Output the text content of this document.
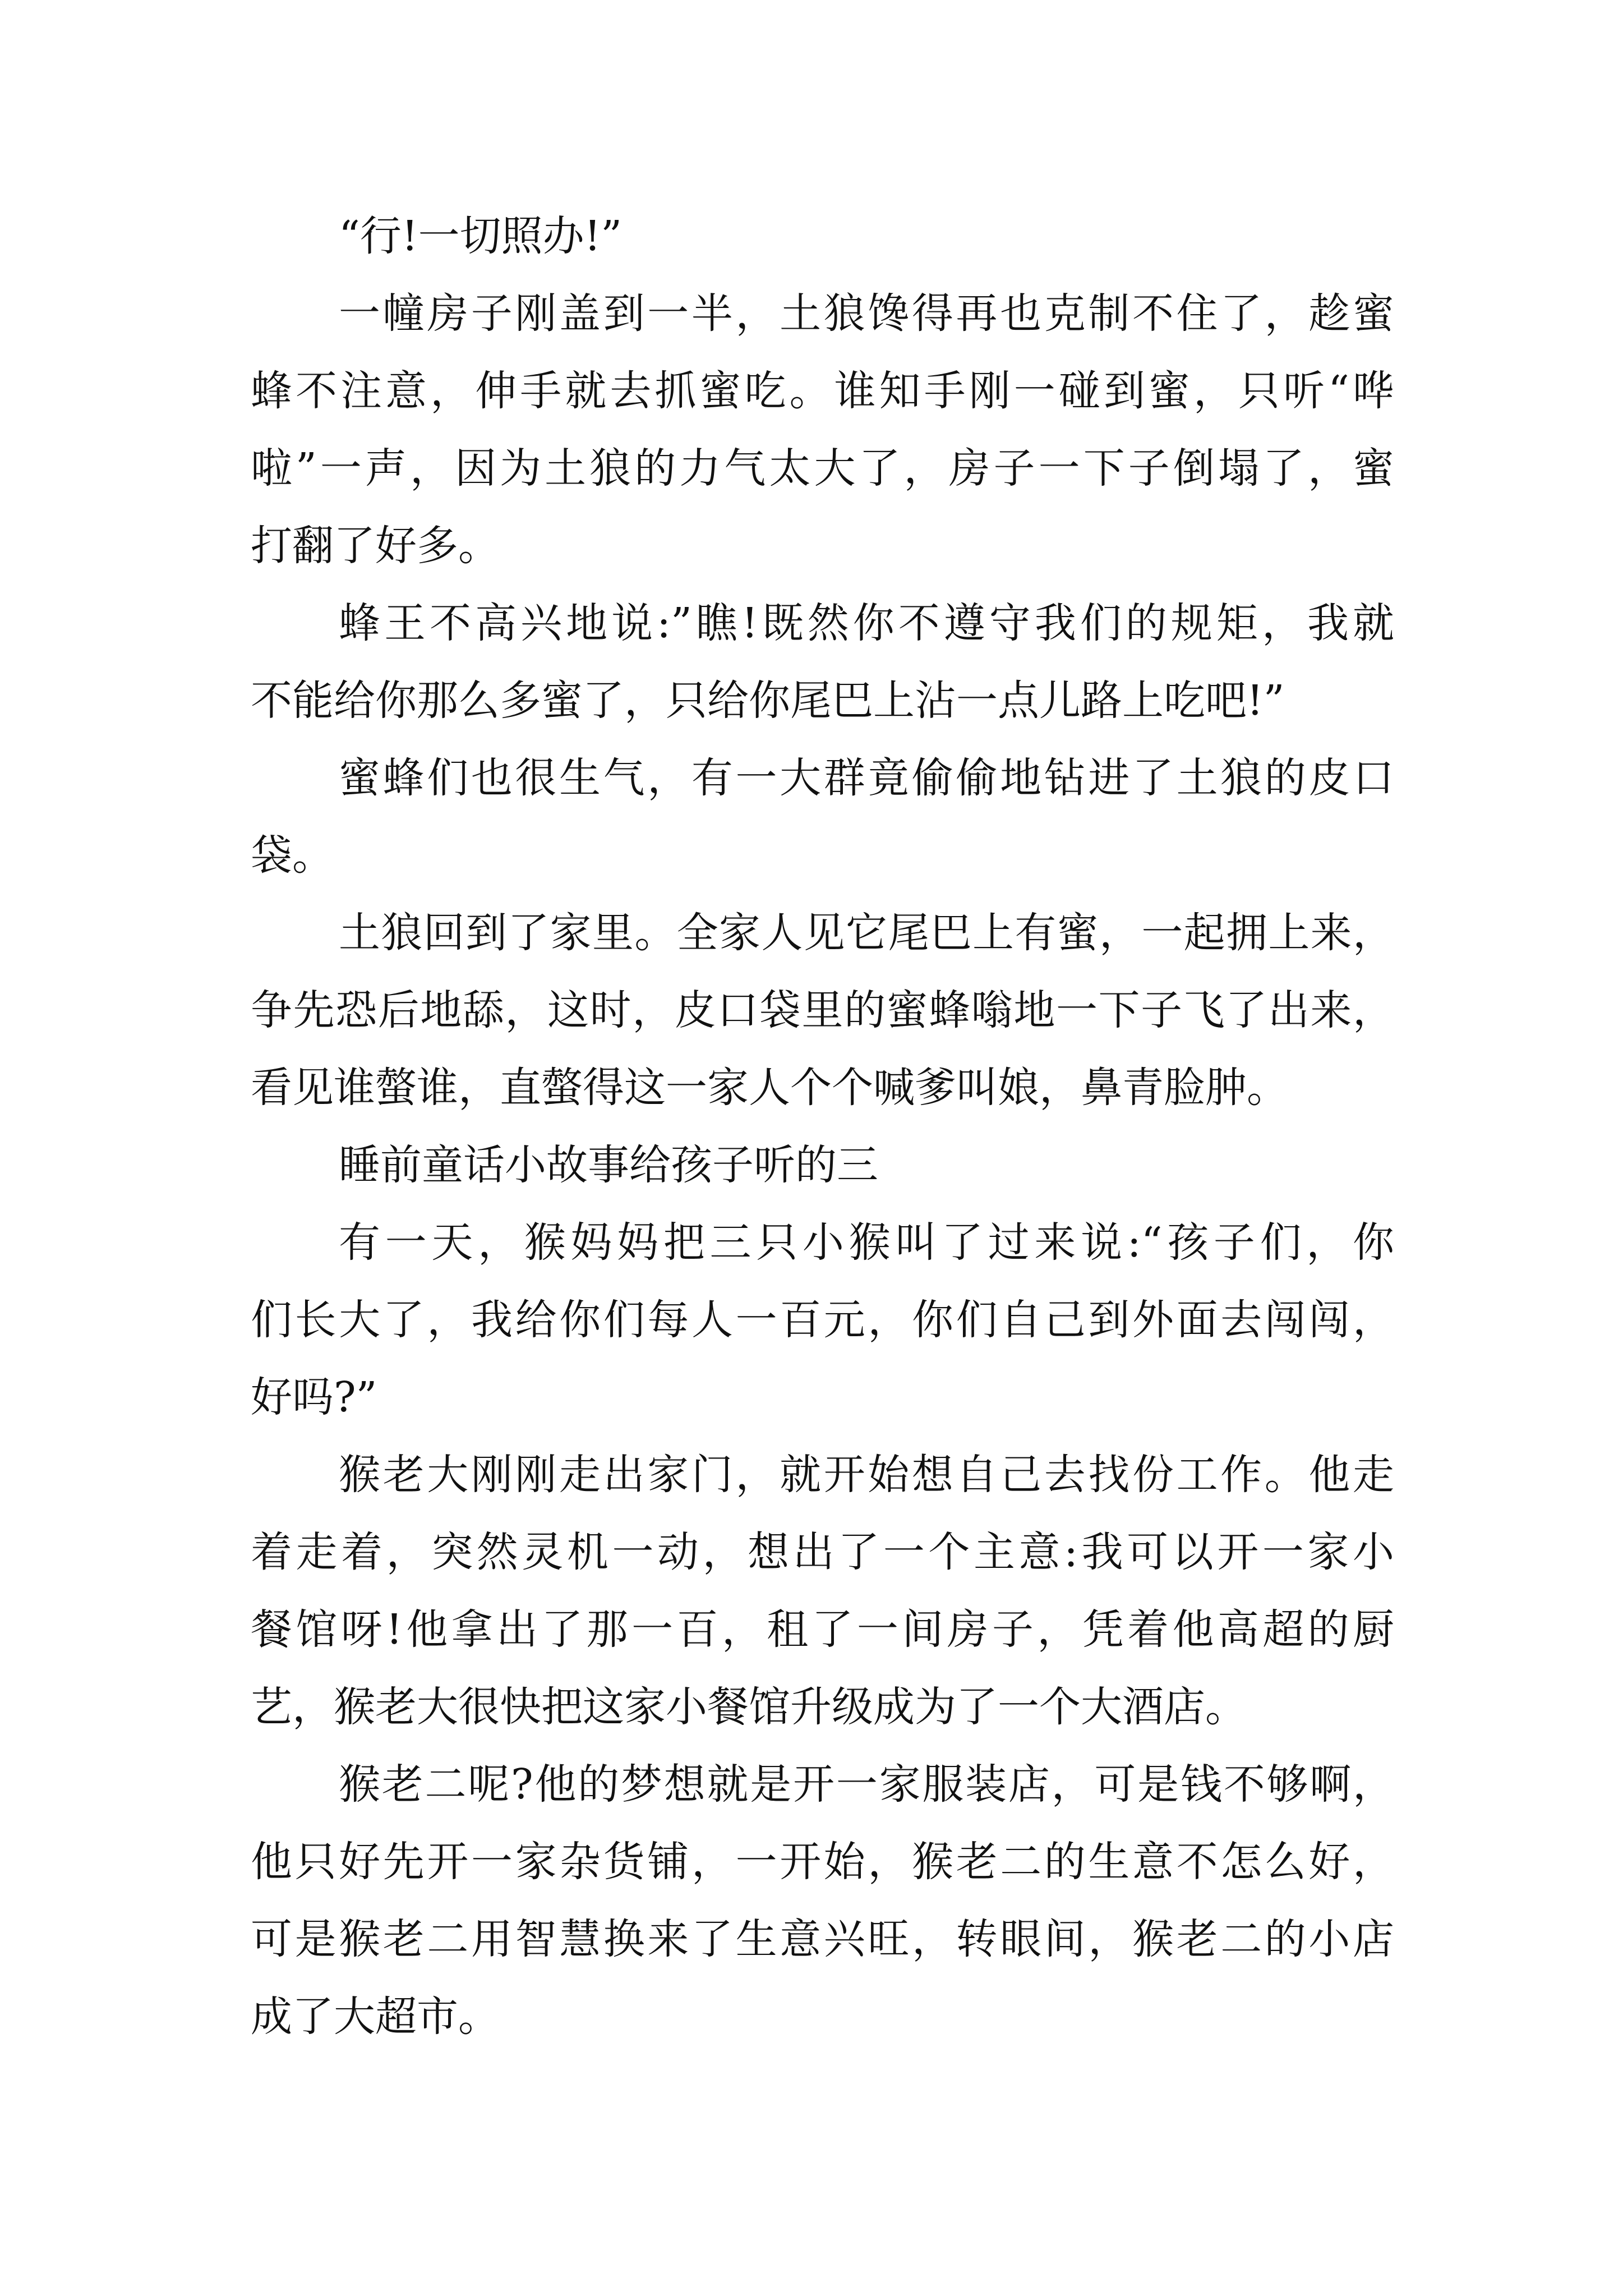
“行!一切照办!”
一幢房子刚盖到一半，土狼馋得再也克制不住了，趁蜜
蜂不注意，伸手就去抓蜜吃。谁知手刚一碰到蜜，只听“哗
啦”一声，因为土狼的力气太大了，房子一下子倒塌了，蜜
打翻了好多。
蜂王不高兴地说:”瞧!既然你不遵守我们的规矩，我就
不能给你那么多蜜了，只给你尾巴上沾一点儿路上吃吧!”
蜜蜂们也很生气，有一大群竟偷偷地钻进了土狼的皮口
袋。
土狼回到了家里。全家人见它尾巴上有蜜，一起拥上来，
争先恐后地舔，这时，皮口袋里的蜜蜂嗡地一下子飞了出来，
看见谁螫谁，直螫得这一家人个个喊爹叫娘，鼻青脸肿。
睡前童话小故事给孩子听的三
有一天，猴妈妈把三只小猴叫了过来说:“孩子们，你
们长大了，我给你们每人一百元，你们自己到外面去闯闯，
好吗?”
猴老大刚刚走出家门，就开始想自己去找份工作。他走
着走着，突然灵机一动，想出了一个主意:我可以开一家小
餐馆呀!他拿出了那一百，租了一间房子，凭着他高超的厨
艺，猴老大很快把这家小餐馆升级成为了一个大酒店。
猴老二呢?他的梦想就是开一家服装店，可是钱不够啊，
他只好先开一家杂货铺，一开始，猴老二的生意不怎么好，
可是猴老二用智慧换来了生意兴旺，转眼间，猴老二的小店
成了大超市。
